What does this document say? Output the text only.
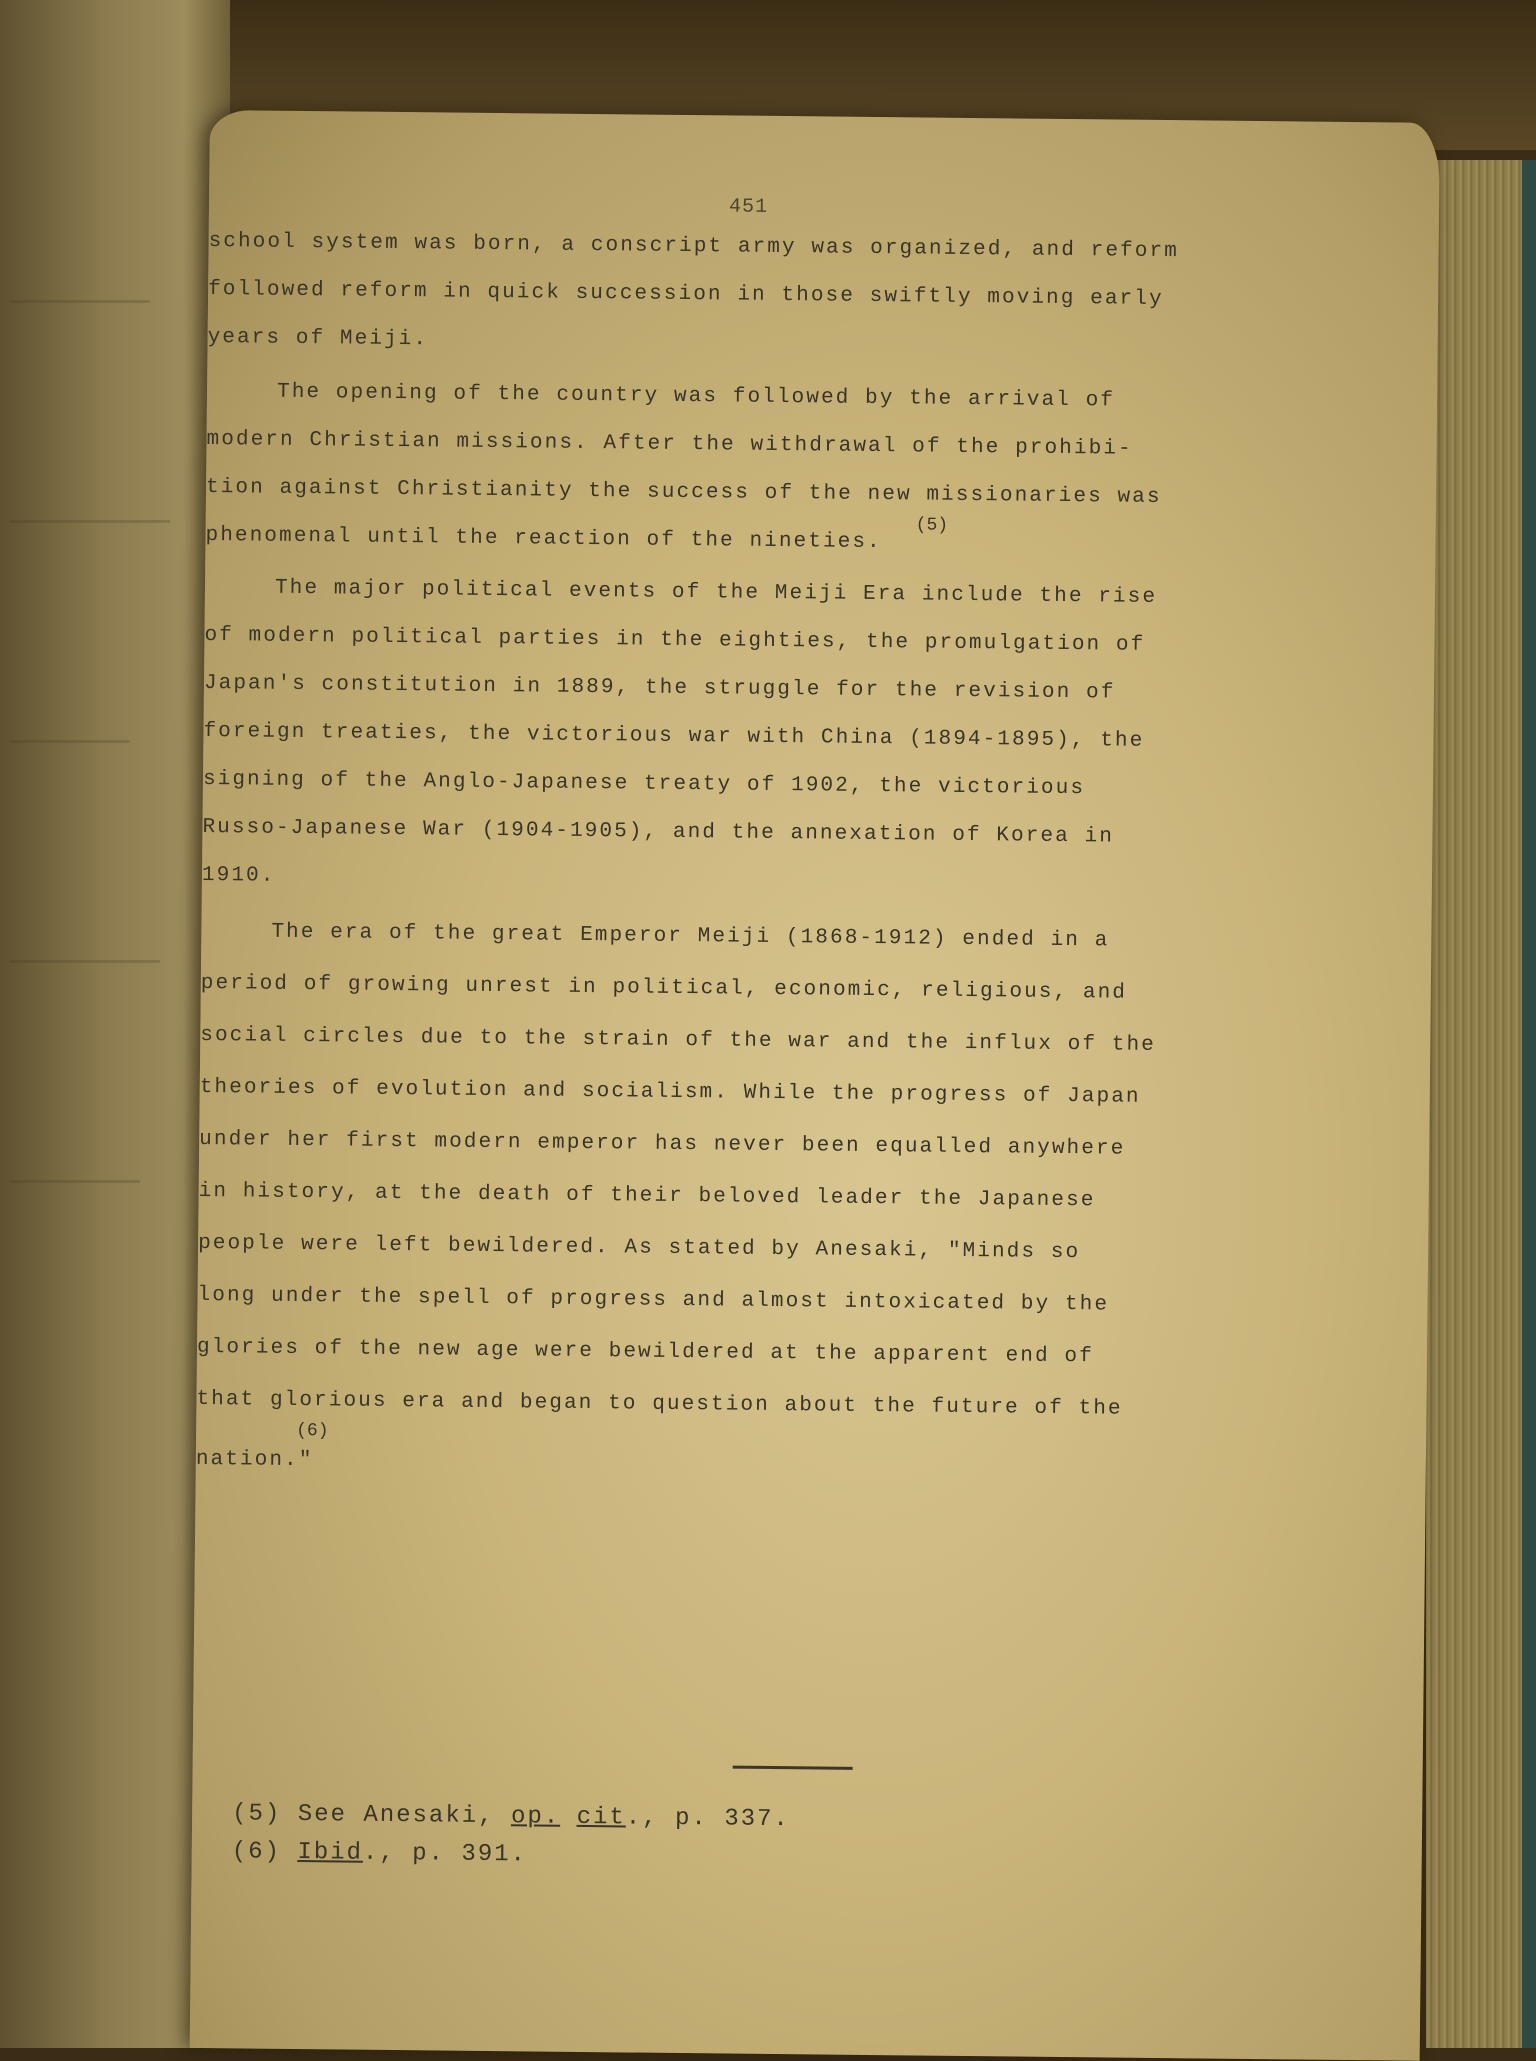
451
school system was born, a conscript army was organized, and reform
followed reform in quick succession in those swiftly moving early
years of Meiji.
The opening of the country was followed by the arrival of
modern Christian missions. After the withdrawal of the prohibi-
tion against Christianity the success of the new missionaries was
phenomenal until the reaction of the nineties. (5)
The major political events of the Meiji Era include the rise
of modern political parties in the eighties, the promulgation of
Japan's constitution in 1889, the struggle for the revision of
foreign treaties, the victorious war with China (1894-1895), the
signing of the Anglo-Japanese treaty of 1902, the victorious
Russo-Japanese War (1904-1905), and the annexation of Korea in
1910.
The era of the great Emperor Meiji (1868-1912) ended in a
period of growing unrest in political, economic, religious, and
social circles due to the strain of the war and the influx of the
theories of evolution and socialism. While the progress of Japan
under her first modern emperor has never been equalled anywhere
in history, at the death of their beloved leader the Japanese
people were left bewildered. As stated by Anesaki, "Minds so
long under the spell of progress and almost intoxicated by the
glories of the new age were bewildered at the apparent end of
that glorious era and began to question about the future of the
(6)
nation."
(5) See Anesaki, op. cit., p. 337.
(6) Ibid., p. 391.
